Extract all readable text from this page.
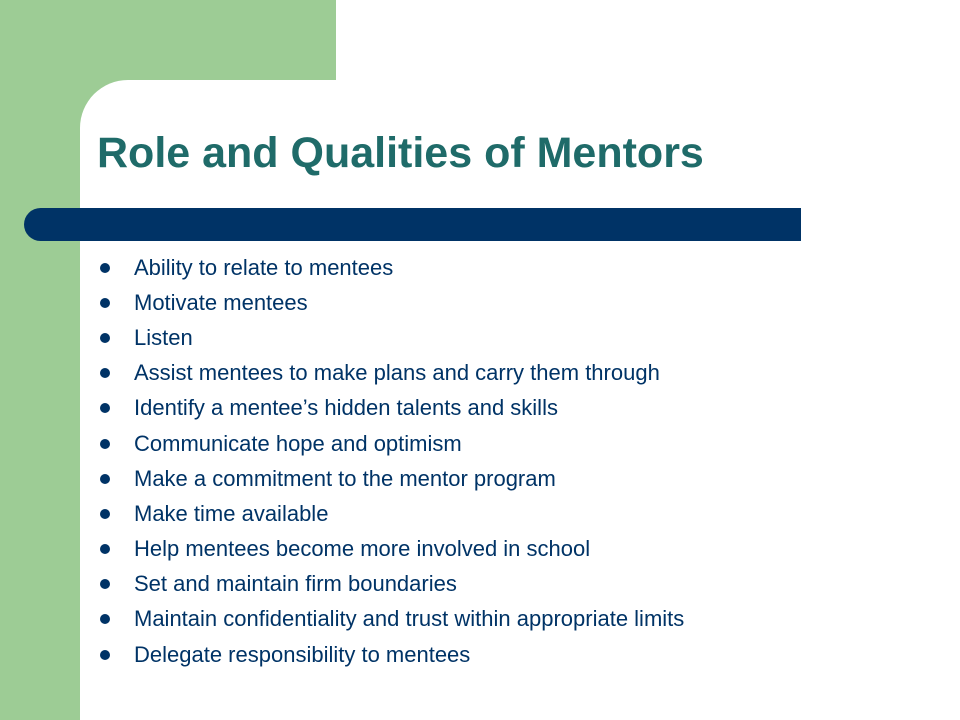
Role and Qualities of Mentors
Ability to relate to mentees
Motivate mentees
Listen
Assist mentees to make plans and carry them through
Identify a mentee’s hidden talents and skills
Communicate hope and optimism
Make a commitment to the mentor program
Make time available
Help mentees become more involved in school
Set and maintain firm boundaries
Maintain confidentiality and trust within appropriate limits
Delegate responsibility to mentees
